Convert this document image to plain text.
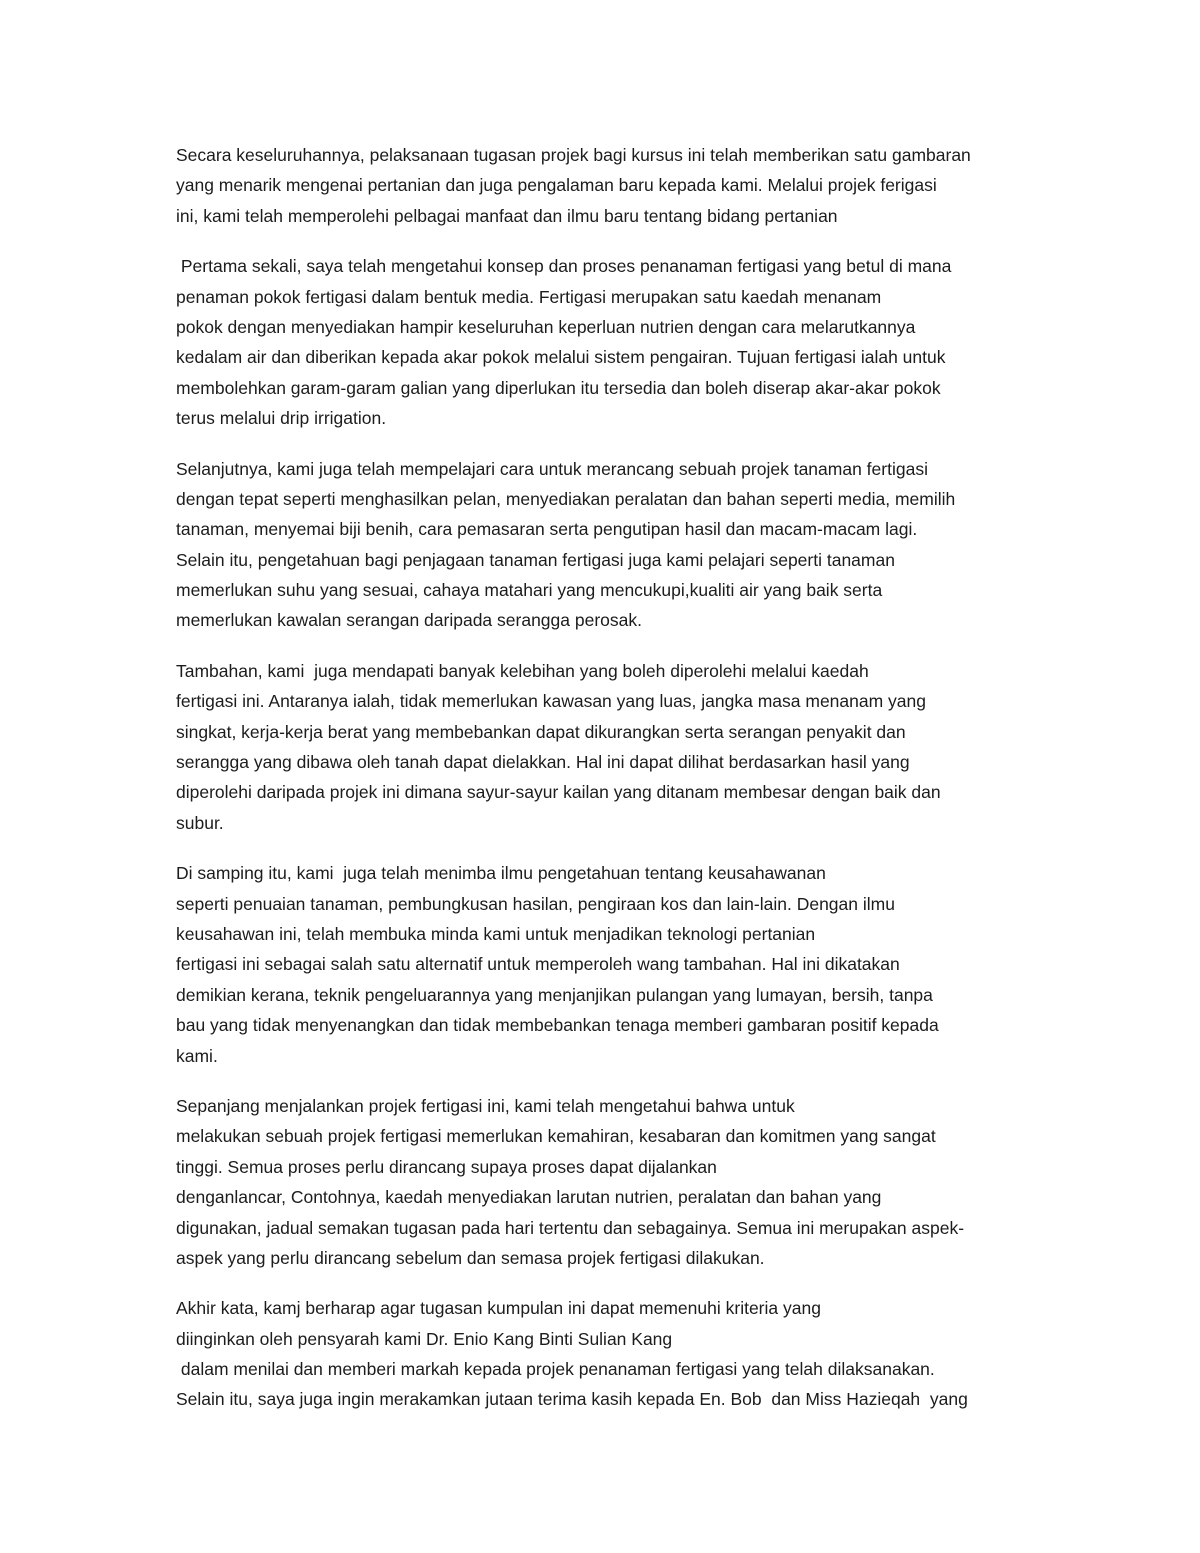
Secara keseluruhannya, pelaksanaan tugasan projek bagi kursus ini telah memberikan satu gambaran
yang menarik mengenai pertanian dan juga pengalaman baru kepada kami. Melalui projek ferigasi
ini, kami telah memperolehi pelbagai manfaat dan ilmu baru tentang bidang pertanian
Pertama sekali, saya telah mengetahui konsep dan proses penanaman fertigasi yang betul di mana
penaman pokok fertigasi dalam bentuk media. Fertigasi merupakan satu kaedah menanam
pokok dengan menyediakan hampir keseluruhan keperluan nutrien dengan cara melarutkannya
kedalam air dan diberikan kepada akar pokok melalui sistem pengairan. Tujuan fertigasi ialah untuk
membolehkan garam-garam galian yang diperlukan itu tersedia dan boleh diserap akar-akar pokok
terus melalui drip irrigation.
Selanjutnya, kami juga telah mempelajari cara untuk merancang sebuah projek tanaman fertigasi
dengan tepat seperti menghasilkan pelan, menyediakan peralatan dan bahan seperti media, memilih
tanaman, menyemai biji benih, cara pemasaran serta pengutipan hasil dan macam-macam lagi.
Selain itu, pengetahuan bagi penjagaan tanaman fertigasi juga kami pelajari seperti tanaman
memerlukan suhu yang sesuai, cahaya matahari yang mencukupi,kualiti air yang baik serta
memerlukan kawalan serangan daripada serangga perosak.
Tambahan, kami  juga mendapati banyak kelebihan yang boleh diperolehi melalui kaedah
fertigasi ini. Antaranya ialah, tidak memerlukan kawasan yang luas, jangka masa menanam yang
singkat, kerja-kerja berat yang membebankan dapat dikurangkan serta serangan penyakit dan
serangga yang dibawa oleh tanah dapat dielakkan. Hal ini dapat dilihat berdasarkan hasil yang
diperolehi daripada projek ini dimana sayur-sayur kailan yang ditanam membesar dengan baik dan
subur.
Di samping itu, kami  juga telah menimba ilmu pengetahuan tentang keusahawanan
seperti penuaian tanaman, pembungkusan hasilan, pengiraan kos dan lain-lain. Dengan ilmu
keusahawan ini, telah membuka minda kami untuk menjadikan teknologi pertanian
fertigasi ini sebagai salah satu alternatif untuk memperoleh wang tambahan. Hal ini dikatakan
demikian kerana, teknik pengeluarannya yang menjanjikan pulangan yang lumayan, bersih, tanpa
bau yang tidak menyenangkan dan tidak membebankan tenaga memberi gambaran positif kepada
kami.
Sepanjang menjalankan projek fertigasi ini, kami telah mengetahui bahwa untuk
melakukan sebuah projek fertigasi memerlukan kemahiran, kesabaran dan komitmen yang sangat
tinggi. Semua proses perlu dirancang supaya proses dapat dijalankan
denganlancar, Contohnya, kaedah menyediakan larutan nutrien, peralatan dan bahan yang
digunakan, jadual semakan tugasan pada hari tertentu dan sebagainya. Semua ini merupakan aspek-
aspek yang perlu dirancang sebelum dan semasa projek fertigasi dilakukan.
Akhir kata, kamj berharap agar tugasan kumpulan ini dapat memenuhi kriteria yang
diinginkan oleh pensyarah kami Dr. Enio Kang Binti Sulian Kang
dalam menilai dan memberi markah kepada projek penanaman fertigasi yang telah dilaksanakan.
Selain itu, saya juga ingin merakamkan jutaan terima kasih kepada En. Bob  dan Miss Hazieqah  yang
